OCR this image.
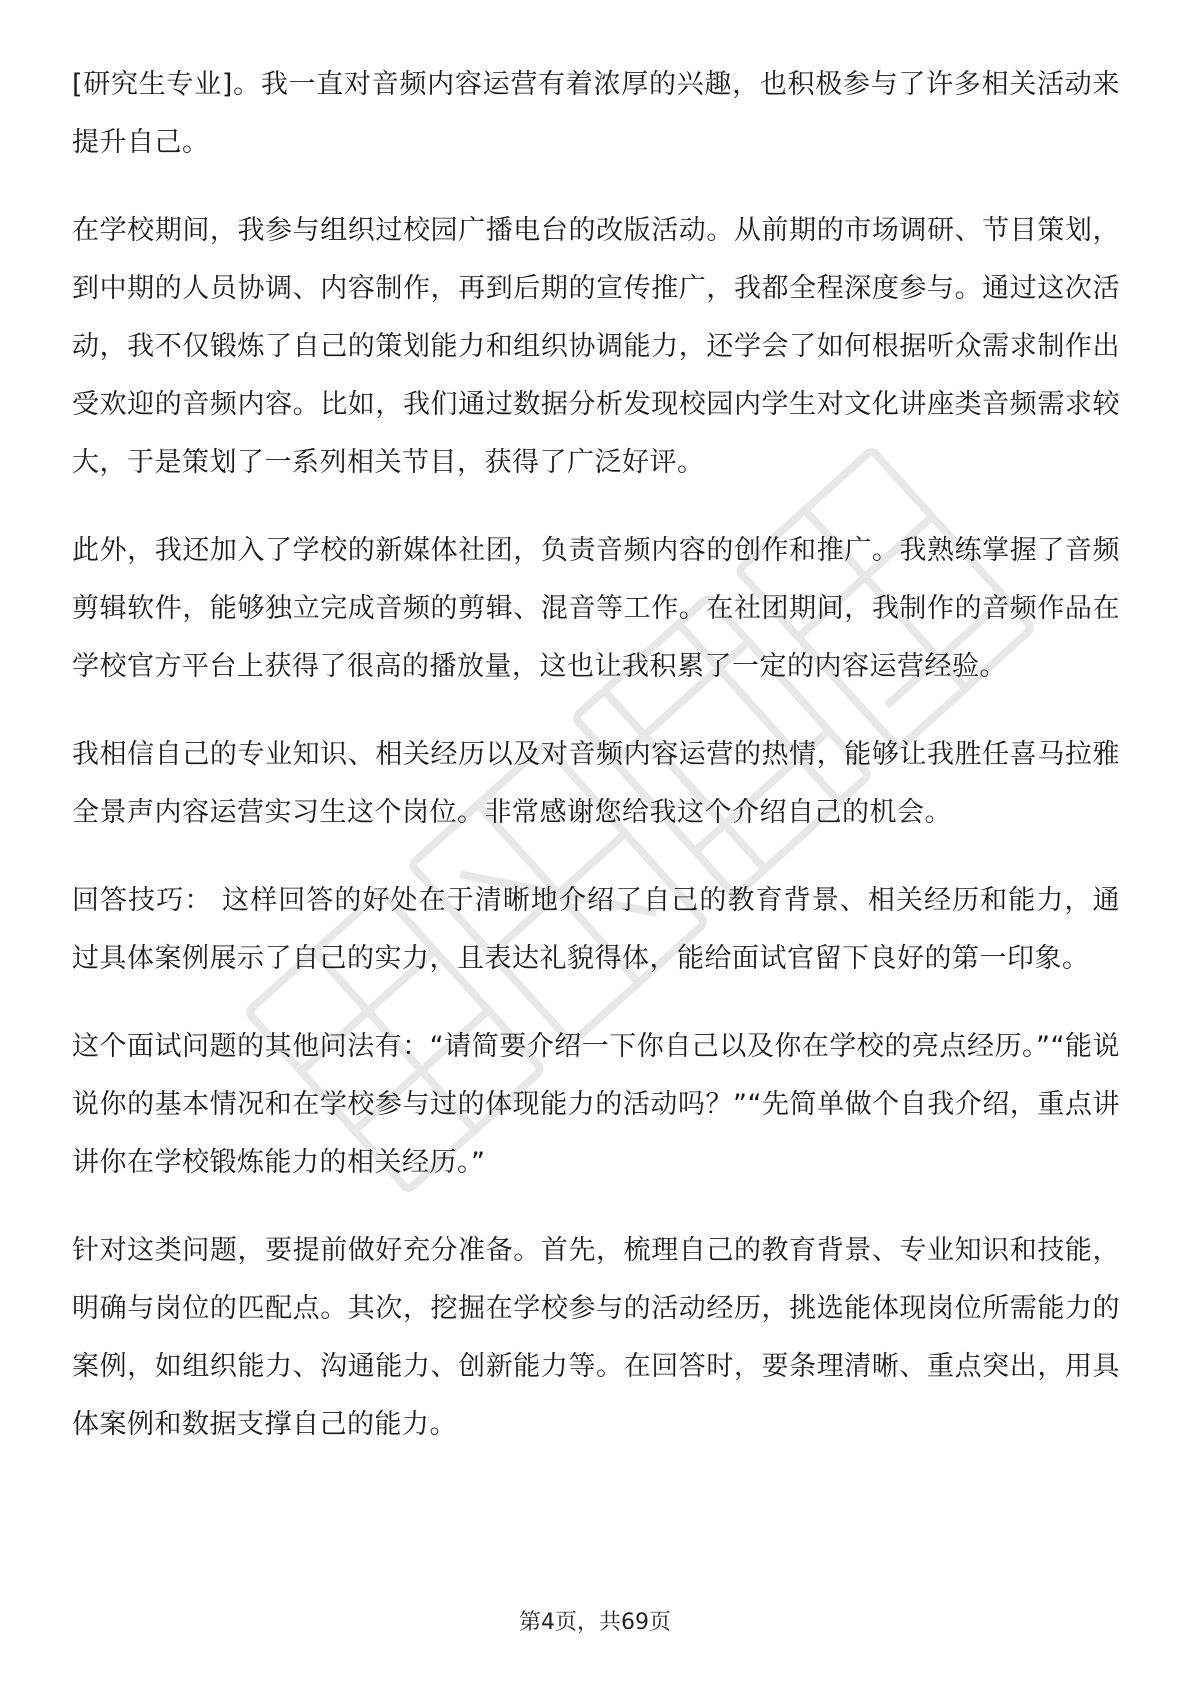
[研究生专业]。我一直对音频内容运营有着浓厚的兴趣，也积极参与了许多相关活动来提升自己。

在学校期间，我参与组织过校园广播电台的改版活动。从前期的市场调研、节目策划，到中期的人员协调、内容制作，再到后期的宣传推广，我都全程深度参与。通过这次活动，我不仅锻炼了自己的策划能力和组织协调能力，还学会了如何根据听众需求制作出受欢迎的音频内容。比如，我们通过数据分析发现校园内学生对文化讲座类音频需求较大，于是策划了一系列相关节目，获得了广泛好评。

此外，我还加入了学校的新媒体社团，负责音频内容的创作和推广。我熟练掌握了音频剪辑软件，能够独立完成音频的剪辑、混音等工作。在社团期间，我制作的音频作品在学校官方平台上获得了很高的播放量，这也让我积累了一定的内容运营经验。

我相信自己的专业知识、相关经历以及对音频内容运营的热情，能够让我胜任喜马拉雅全景声内容运营实习生这个岗位。非常感谢您给我这个介绍自己的机会。

回答技巧： 这样回答的好处在于清晰地介绍了自己的教育背景、相关经历和能力，通过具体案例展示了自己的实力，且表达礼貌得体，能给面试官留下良好的第一印象。

这个面试问题的其他问法有：“请简要介绍一下你自己以及你在学校的亮点经历。”“能说说你的基本情况和在学校参与过的体现能力的活动吗？”“先简单做个自我介绍，重点讲讲你在学校锻炼能力的相关经历。”

针对这类问题，要提前做好充分准备。首先，梳理自己的教育背景、专业知识和技能，明确与岗位的匹配点。其次，挖掘在学校参与的活动经历，挑选能体现岗位所需能力的案例，如组织能力、沟通能力、创新能力等。在回答时，要条理清晰、重点突出，用具体案例和数据支撑自己的能力。

第4页，共69页
